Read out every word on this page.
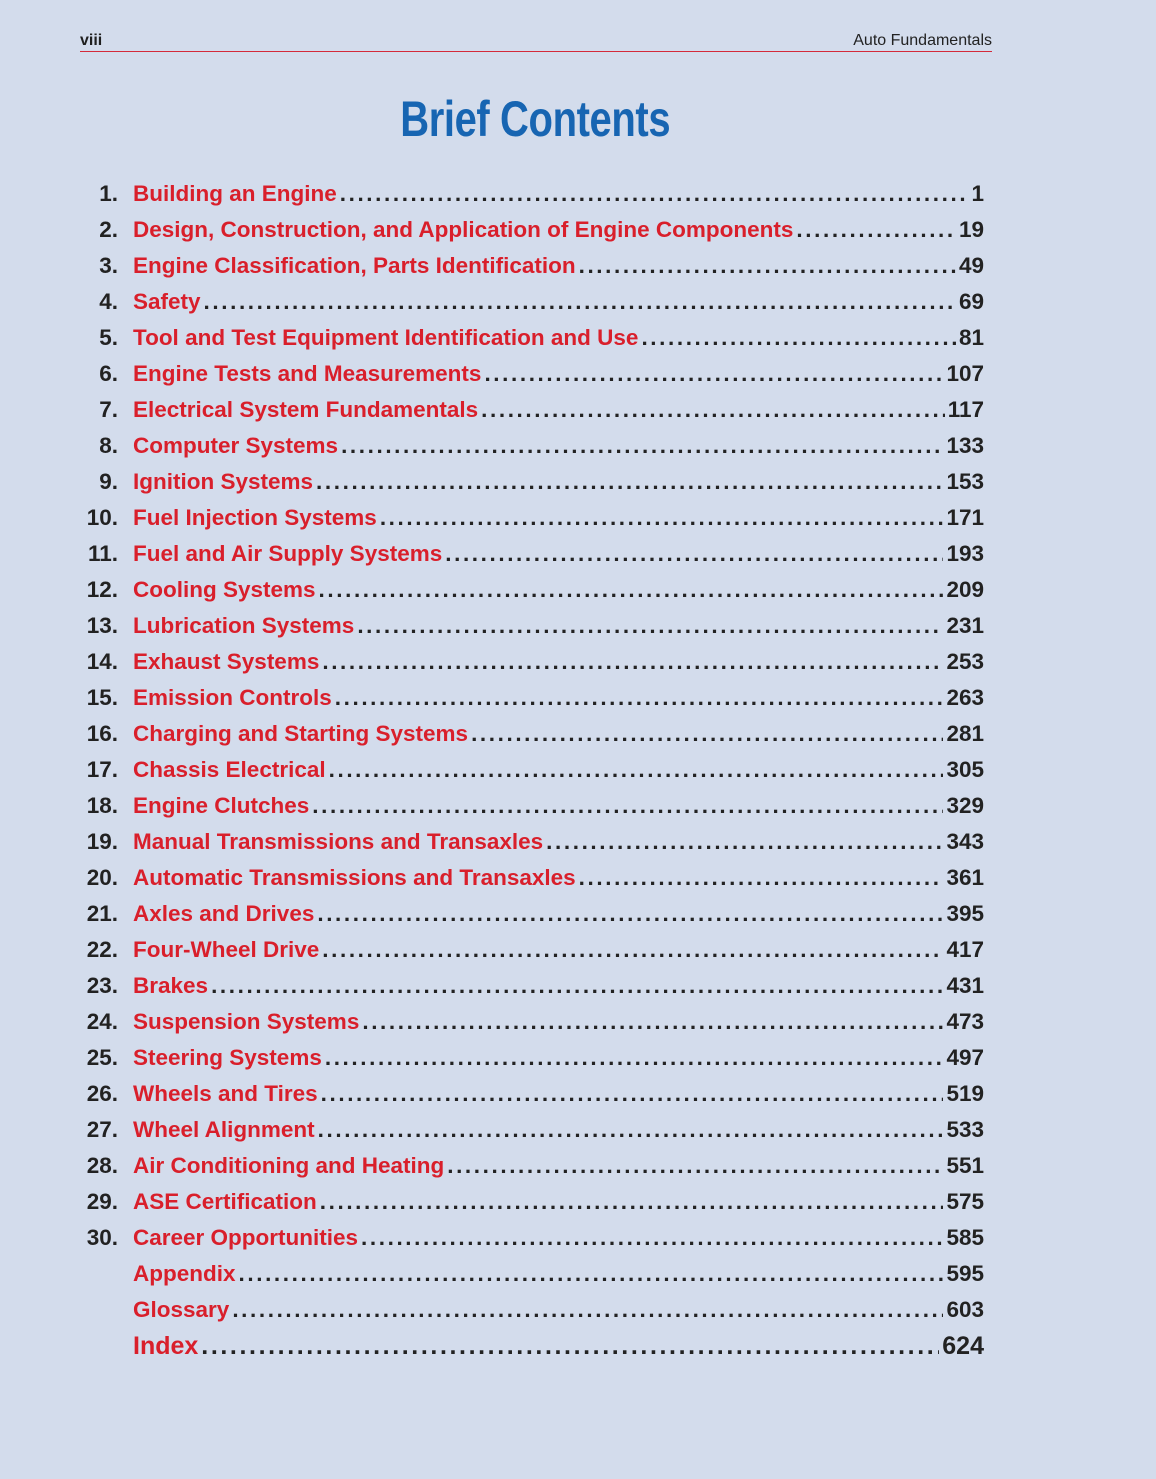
viii	Auto Fundamentals
Brief Contents
1. Building an Engine .....	1
2. Design, Construction, and Application of Engine Components .....	19
3. Engine Classification, Parts Identification .....	49
4. Safety .....	69
5. Tool and Test Equipment Identification and Use .....	81
6. Engine Tests and Measurements .....	107
7. Electrical System Fundamentals .....	117
8. Computer Systems .....	133
9. Ignition Systems .....	153
10. Fuel Injection Systems .....	171
11. Fuel and Air Supply Systems .....	193
12. Cooling Systems .....	209
13. Lubrication Systems .....	231
14. Exhaust Systems .....	253
15. Emission Controls .....	263
16. Charging and Starting Systems .....	281
17. Chassis Electrical .....	305
18. Engine Clutches .....	329
19. Manual Transmissions and Transaxles .....	343
20. Automatic Transmissions and Transaxles .....	361
21. Axles and Drives .....	395
22. Four-Wheel Drive .....	417
23. Brakes .....	431
24. Suspension Systems .....	473
25. Steering Systems .....	497
26. Wheels and Tires .....	519
27. Wheel Alignment .....	533
28. Air Conditioning and Heating .....	551
29. ASE Certification .....	575
30. Career Opportunities .....	585
Appendix .....	595
Glossary .....	603
Index .....	624
